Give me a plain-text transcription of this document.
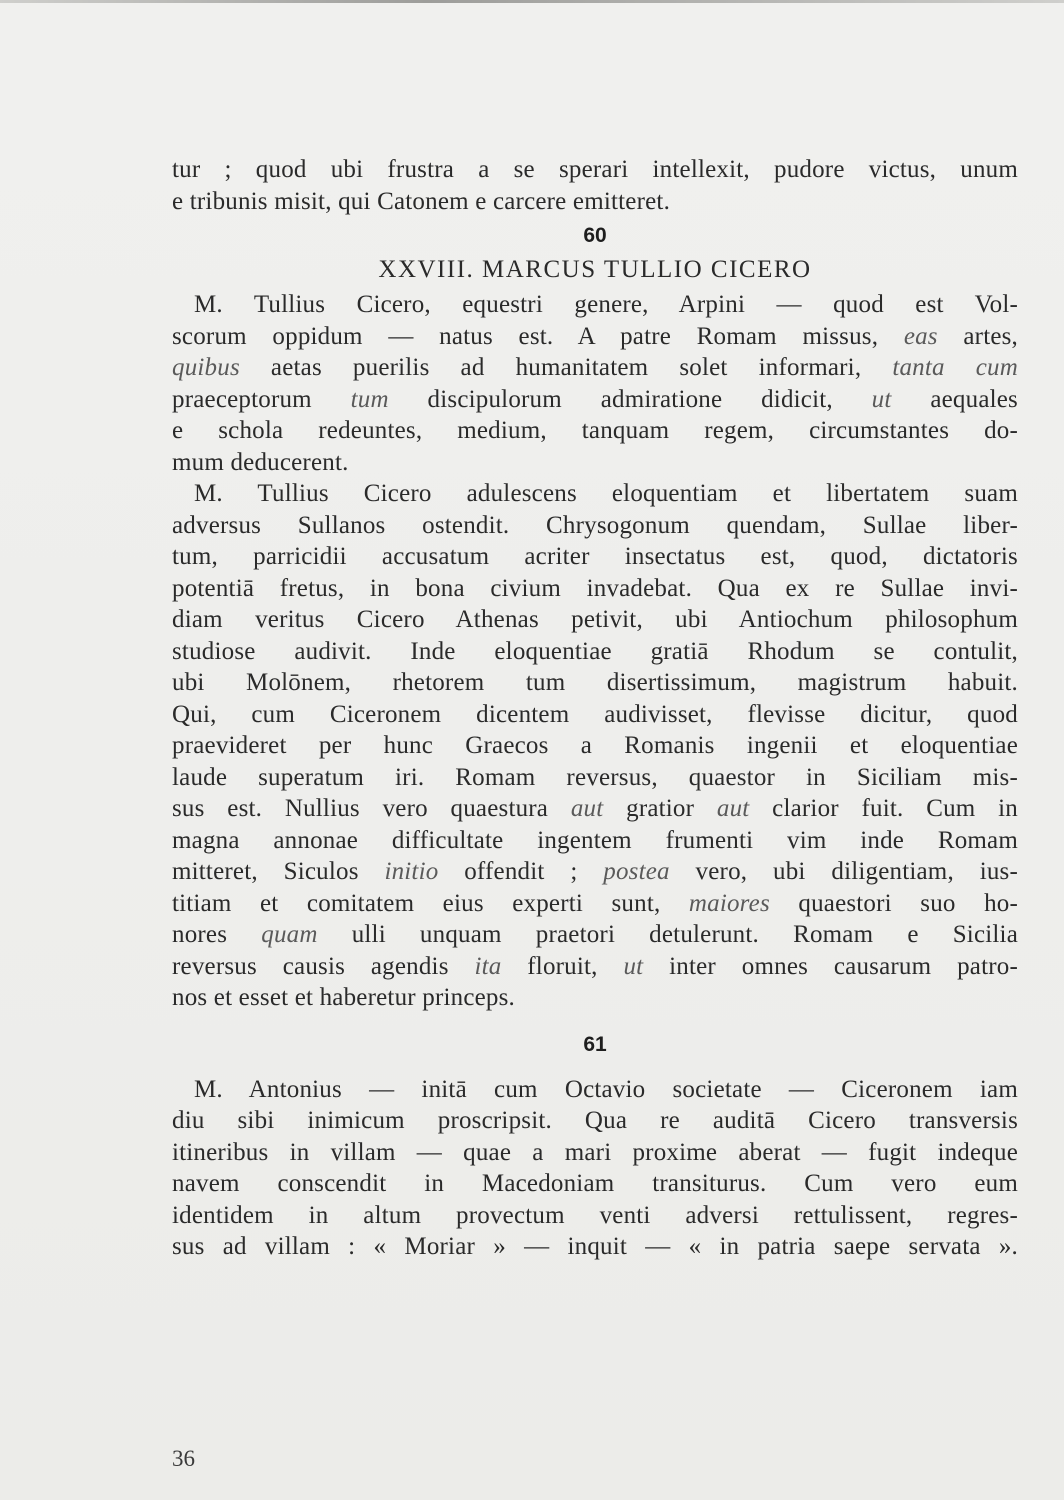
tur ; quod ubi frustra a se sperari intellexit, pudore victus, unum
e tribunis misit, qui Catonem e carcere emitteret.
60
XXVIII. MARCUS TULLIO CICERO
M. Tullius Cicero, equestri genere, Arpini — quod est Vol-
scorum oppidum — natus est. A patre Romam missus, eas artes,
quibus aetas puerilis ad humanitatem solet informari, tanta cum
praeceptorum tum discipulorum admiratione didicit, ut aequales
e schola redeuntes, medium, tanquam regem, circumstantes do-
mum deducerent.
M. Tullius Cicero adulescens eloquentiam et libertatem suam
adversus Sullanos ostendit. Chrysogonum quendam, Sullae liber-
tum, parricidii accusatum acriter insectatus est, quod, dictatoris
potentiā fretus, in bona civium invadebat. Qua ex re Sullae invi-
diam veritus Cicero Athenas petivit, ubi Antiochum philosophum
studiose audivit. Inde eloquentiae gratiā Rhodum se contulit,
ubi Molōnem, rhetorem tum disertissimum, magistrum habuit.
Qui, cum Ciceronem dicentem audivisset, flevisse dicitur, quod
praevideret per hunc Graecos a Romanis ingenii et eloquentiae
laude superatum iri. Romam reversus, quaestor in Siciliam mis-
sus est. Nullius vero quaestura aut gratior aut clarior fuit. Cum in
magna annonae difficultate ingentem frumenti vim inde Romam
mitteret, Siculos initio offendit ; postea vero, ubi diligentiam, ius-
titiam et comitatem eius experti sunt, maiores quaestori suo ho-
nores quam ulli unquam praetori detulerunt. Romam e Sicilia
reversus causis agendis ita floruit, ut inter omnes causarum patro-
nos et esset et haberetur princeps.
61
M. Antonius — initā cum Octavio societate — Ciceronem iam
diu sibi inimicum proscripsit. Qua re auditā Cicero transversis
itineribus in villam — quae a mari proxime aberat — fugit indeque
navem conscendit in Macedoniam transiturus. Cum vero eum
identidem in altum provectum venti adversi rettulissent, regres-
sus ad villam : « Moriar » — inquit — « in patria saepe servata ».
36
